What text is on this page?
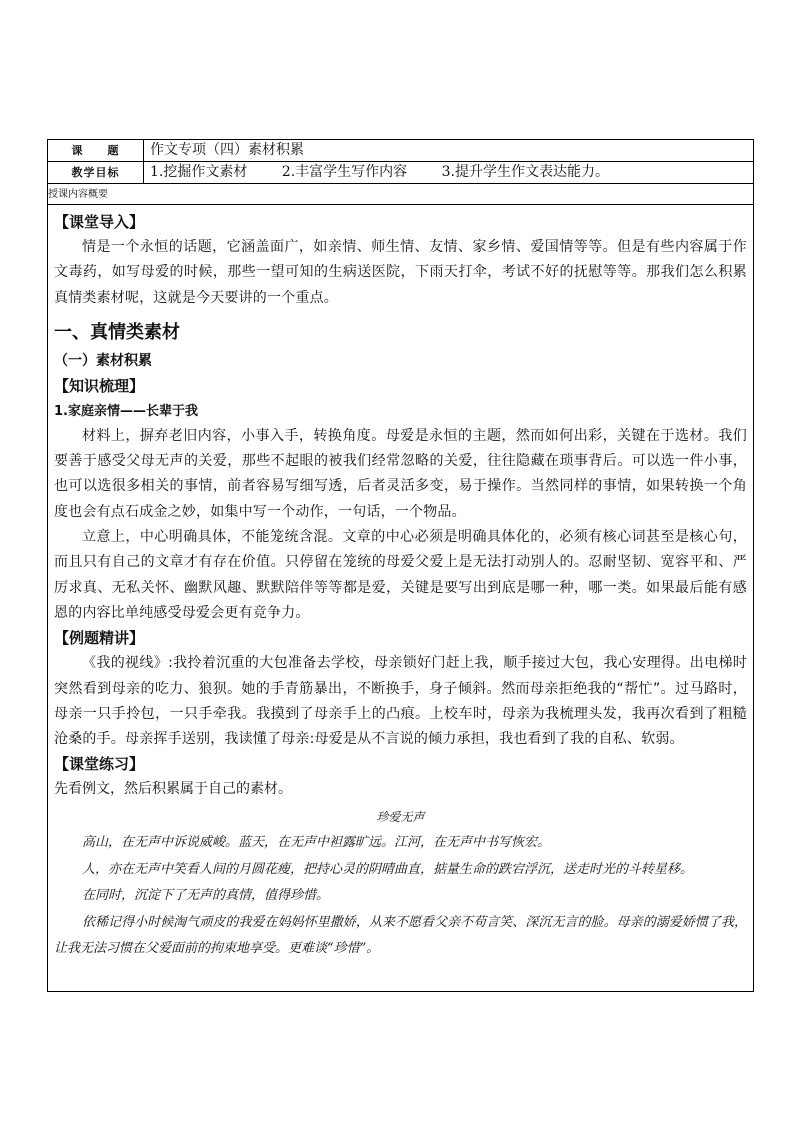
课　　题	作文专项（四）素材积累
教学目标	1.挖掘作文素材 2.丰富学生写作内容 3.提升学生作文表达能力。
授课内容概要

【课堂导入】

情是一个永恒的话题，它涵盖面广，如亲情、师生情、友情、家乡情、爱国情等等。但是有些内容属于作文毒药，如写母爱的时候，那些一望可知的生病送医院，下雨天打伞，考试不好的抚慰等等。那我们怎么积累真情类素材呢，这就是今天要讲的一个重点。

一、真情类素材

（一）素材积累

【知识梳理】

1.家庭亲情——长辈于我

材料上，摒弃老旧内容，小事入手，转换角度。母爱是永恒的主题，然而如何出彩，关键在于选材。我们要善于感受父母无声的关爱，那些不起眼的被我们经常忽略的关爱，往往隐藏在琐事背后。可以选一件小事，也可以选很多相关的事情，前者容易写细写透，后者灵活多变，易于操作。当然同样的事情，如果转换一个角度也会有点石成金之妙，如集中写一个动作，一句话，一个物品。

立意上，中心明确具体，不能笼统含混。文章的中心必须是明确具体化的，必须有核心词甚至是核心句，而且只有自己的文章才有存在价值。只停留在笼统的母爱父爱上是无法打动别人的。忍耐坚韧、宽容平和、严厉求真、无私关怀、幽默风趣、默默陪伴等等都是爱，关键是要写出到底是哪一种，哪一类。如果最后能有感恩的内容比单纯感受母爱会更有竞争力。

【例题精讲】

《我的视线》:我拎着沉重的大包准备去学校，母亲锁好门赶上我，顺手接过大包，我心安理得。出电梯时突然看到母亲的吃力、狼狈。她的手青筋暴出，不断换手，身子倾斜。然而母亲拒绝我的“帮忙”。过马路时，母亲一只手拎包，一只手牵我。我摸到了母亲手上的凸痕。上校车时，母亲为我梳理头发，我再次看到了粗糙沧桑的手。母亲挥手送别，我读懂了母亲:母爱是从不言说的倾力承担，我也看到了我的自私、软弱。

【课堂练习】

先看例文，然后积累属于自己的素材。

珍爱无声

高山，在无声中诉说威峻。蓝天，在无声中袒露旷远。江河，在无声中书写恢宏。

人，亦在无声中笑看人间的月圆花瘦，把持心灵的阴晴曲直，掂量生命的跌宕浮沉，送走时光的斗转星移。

在同时，沉淀下了无声的真情，值得珍惜。

依稀记得小时候淘气顽皮的我爱在妈妈怀里撒娇，从来不愿看父亲不苟言笑、深沉无言的脸。母亲的溺爱娇惯了我，让我无法习惯在父爱面前的拘束地享受。更难谈“珍惜”。
